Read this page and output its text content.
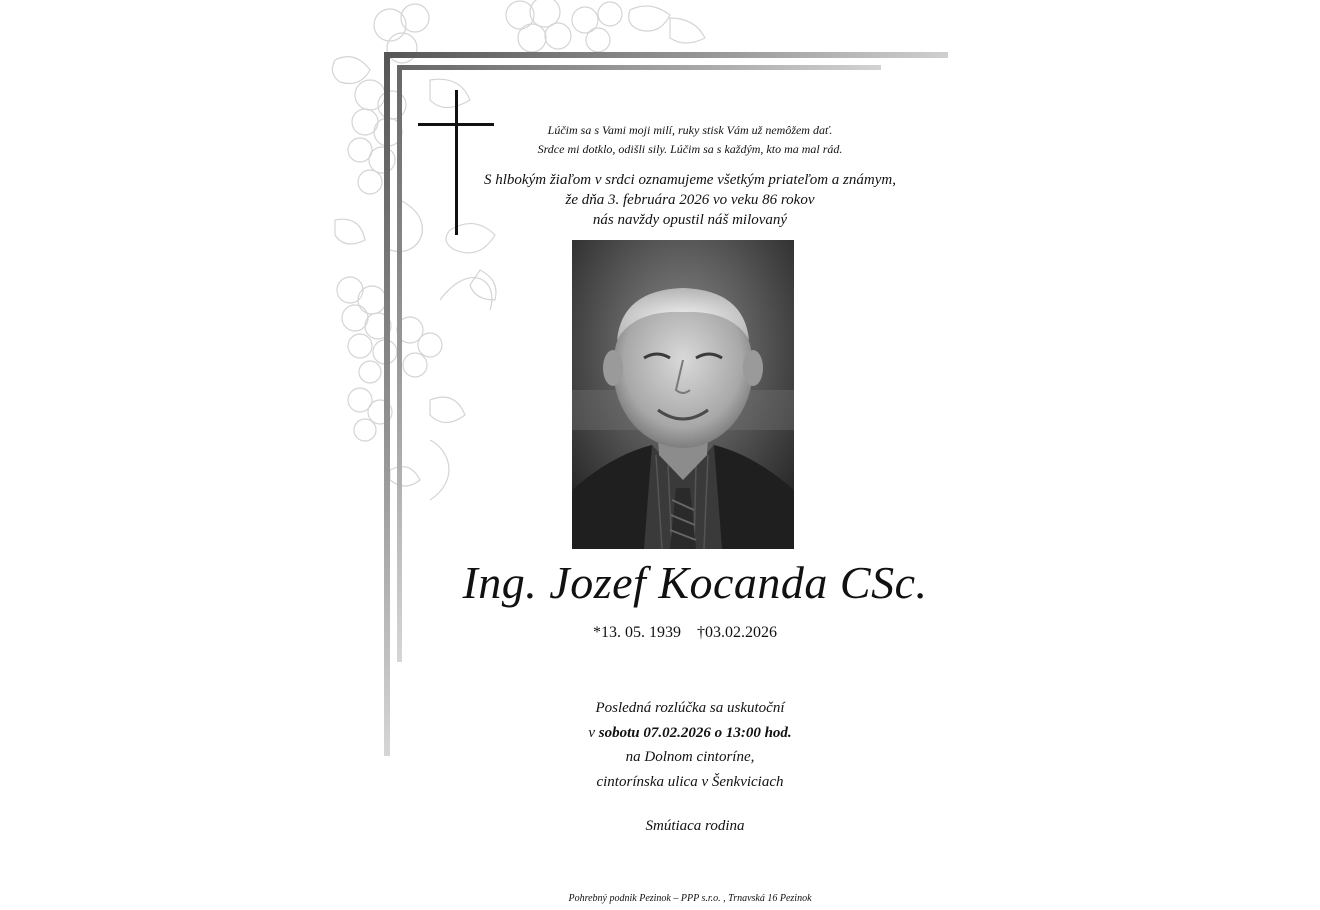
Lúčim sa s Vami moji milí, ruky stisk Vám už nemôžem dať.
Srdce mi dotklo, odišli sily. Lúčim sa s každým, kto ma mal rád.
S hlbokým žiaľom v srdci oznamujeme všetkým priateľom a známym,
že dňa 3. februára 2026 vo veku 86 rokov
nás navždy opustil náš milovaný
Ing. Jozef Kocanda CSc.
*13. 05. 1939 †03.02.2026
Posledná rozlúčka sa uskutoční
v sobotu 07.02.2026 o 13:00 hod.
na Dolnom cintoríne,
cintorínska ulica v Šenkviciach
Smútiaca rodina
Pohrebný podnik Pezinok – PPP s.r.o. , Trnavská 16 Pezinok
